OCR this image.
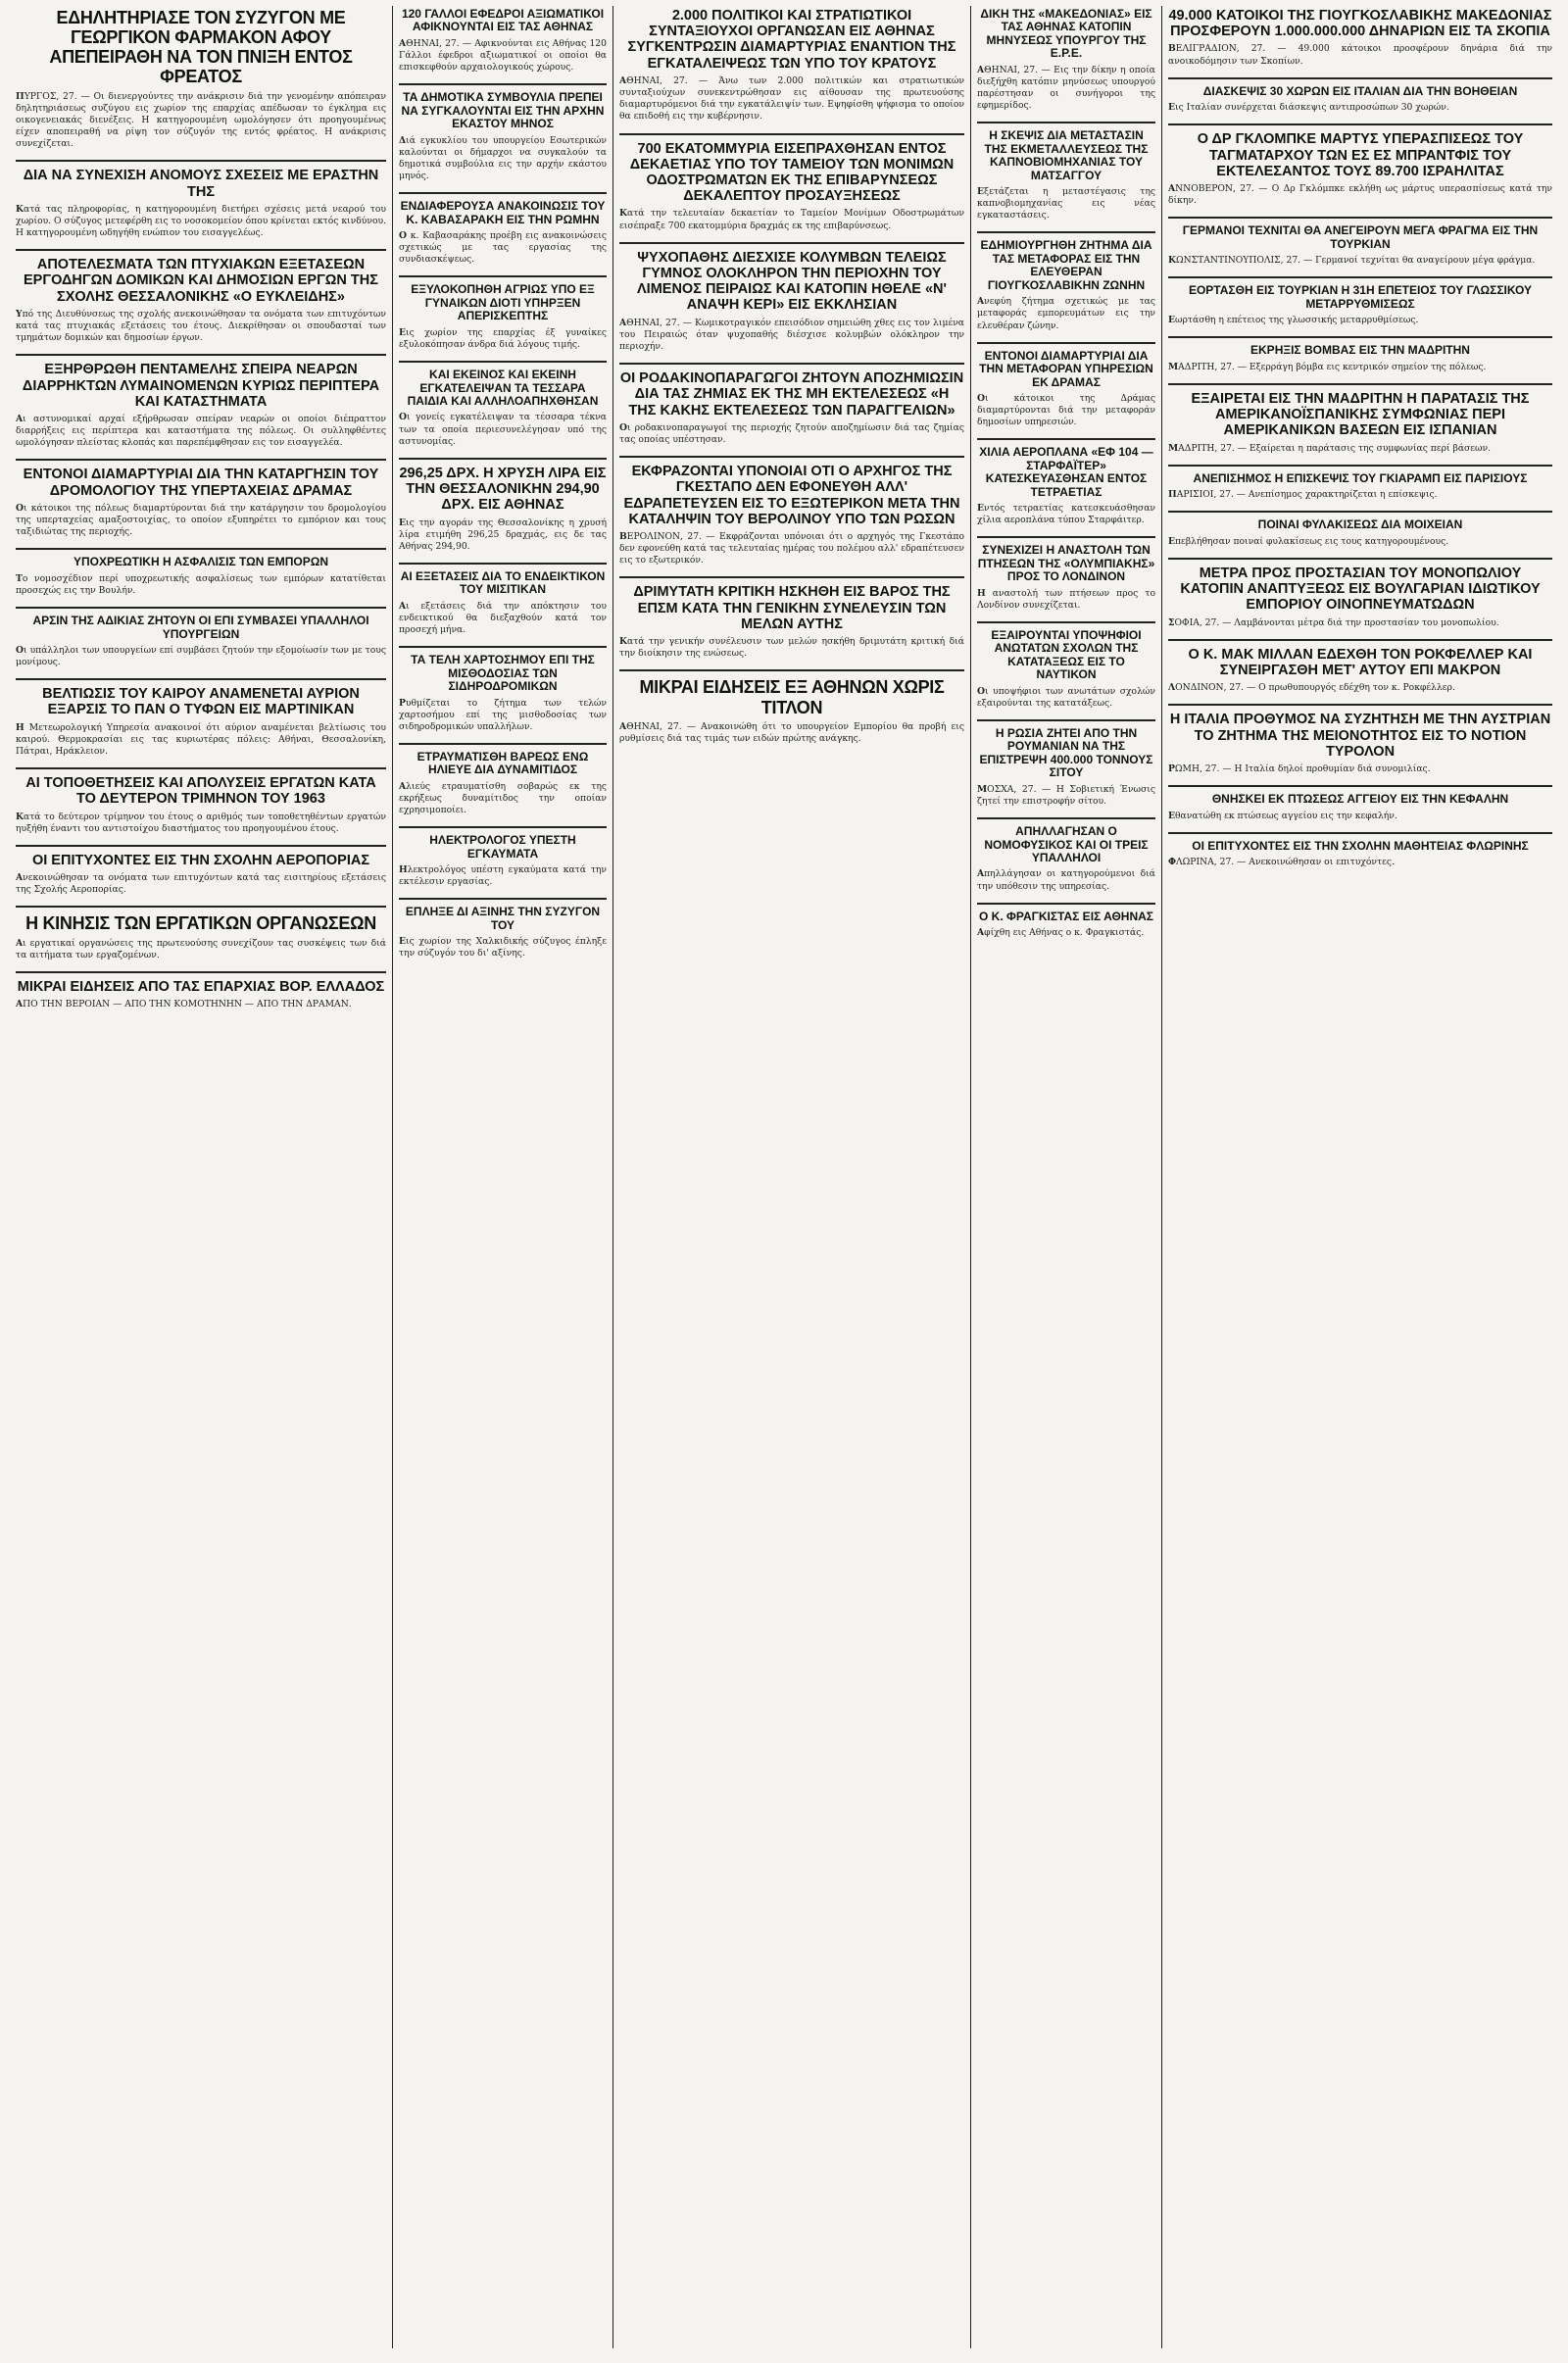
ΕΔΗΛΗΤΗΡΙΑΣΕ ΤΟΝ ΣΥΖΥΓΟΝ ΜΕ ΓΕΩΡΓΙΚΟΝ ΦΑΡΜΑΚΟΝ ΑΦΟΥ ΑΠΕΠΕΙΡΑΘΗ ΝΑ ΤΟΝ ΠΝΙΞΗ ΕΝΤΟΣ ΦΡΕΑΤΟΣ

ΠΥΡΓΟΣ, 27. — Οι διενεργούντες την ανάκρισιν διά την γενομένην απόπειραν δηλητηριάσεως συζύγου εις χωρίον της επαρχίας απέδωσαν το έγκλημα εις οικογενειακάς διενέξεις. Η κατηγορουμένη ωμολόγησεν ότι προηγουμένως είχεν αποπειραθή να ρίψη τον σύζυγόν της εντός φρέατος. Η ανάκρισις συνεχίζεται.

ΔΙΑ ΝΑ ΣΥΝΕΧΙΣΗ ΑΝΟΜΟΥΣ ΣΧΕΣΕΙΣ ΜΕ ΕΡΑΣΤΗΝ ΤΗΣ

Κατά τας πληροφορίας, η κατηγορουμένη διετήρει σχέσεις μετά νεαρού του χωρίου. Ο σύζυγος μετεφέρθη εις το νοσοκομείον όπου κρίνεται εκτός κινδύνου. Η κατηγορουμένη ωδηγήθη ενώπιον του εισαγγελέως.

ΑΠΟΤΕΛΕΣΜΑΤΑ ΤΩΝ ΠΤΥΧΙΑΚΩΝ ΕΞΕΤΑΣΕΩΝ ΕΡΓΟΔΗΓΩΝ ΔΟΜΙΚΩΝ ΚΑΙ ΔΗΜΟΣΙΩΝ ΕΡΓΩΝ ΤΗΣ ΣΧΟΛΗΣ ΘΕΣΣΑΛΟΝΙΚΗΣ «Ο ΕΥΚΛΕΙΔΗΣ»

Υπό της Διευθύνσεως της σχολής ανεκοινώθησαν τα ονόματα των επιτυχόντων κατά τας πτυχιακάς εξετάσεις του έτους. Διεκρίθησαν οι σπουδασταί των τμημάτων δομικών και δημοσίων έργων.

ΕΞΗΡΘΡΩΘΗ ΠΕΝΤΑΜΕΛΗΣ ΣΠΕΙΡΑ ΝΕΑΡΩΝ ΔΙΑΡΡΗΚΤΩΝ ΛΥΜΑΙΝΟΜΕΝΩΝ ΚΥΡΙΩΣ ΠΕΡΙΠΤΕΡΑ ΚΑΙ ΚΑΤΑΣΤΗΜΑΤΑ

Αι αστυνομικαί αρχαί εξήρθρωσαν σπείραν νεαρών οι οποίοι διέπραττον διαρρήξεις εις περίπτερα και καταστήματα της πόλεως. Οι συλληφθέντες ωμολόγησαν πλείστας κλοπάς και παρεπέμφθησαν εις τον εισαγγελέα.

ΕΝΤΟΝΟΙ ΔΙΑΜΑΡΤΥΡΙΑΙ ΔΙΑ ΤΗΝ ΚΑΤΑΡΓΗΣΙΝ ΤΟΥ ΔΡΟΜΟΛΟΓΙΟΥ ΤΗΣ ΥΠΕΡΤΑΧΕΙΑΣ ΔΡΑΜΑΣ

Οι κάτοικοι της πόλεως διαμαρτύρονται διά την κατάργησιν του δρομολογίου της υπερταχείας αμαξοστοιχίας, το οποίον εξυπηρέτει το εμπόριον και τους ταξιδιώτας της περιοχής.

ΥΠΟΧΡΕΩΤΙΚΗ Η ΑΣΦΑΛΙΣΙΣ ΤΩΝ ΕΜΠΟΡΩΝ

Το νομοσχέδιον περί υποχρεωτικής ασφαλίσεως των εμπόρων κατατίθεται προσεχώς εις την Βουλήν.

ΑΡΣΙΝ ΤΗΣ ΑΔΙΚΙΑΣ ΖΗΤΟΥΝ ΟΙ ΕΠΙ ΣΥΜΒΑΣΕΙ ΥΠΑΛΛΗΛΟΙ ΥΠΟΥΡΓΕΙΩΝ

Οι υπάλληλοι των υπουργείων επί συμβάσει ζητούν την εξομοίωσίν των με τους μονίμους.

ΒΕΛΤΙΩΣΙΣ ΤΟΥ ΚΑΙΡΟΥ ΑΝΑΜΕΝΕΤΑΙ ΑΥΡΙΟΝ ΕΞΑΡΣΙΣ ΤΟ ΠΑΝ Ο ΤΥΦΩΝ ΕΙΣ ΜΑΡΤΙΝΙΚΑΝ

Η Μετεωρολογική Υπηρεσία ανακοινοί ότι αύριον αναμένεται βελτίωσις του καιρού. Θερμοκρασίαι εις τας κυριωτέρας πόλεις: Αθήναι, Θεσσαλονίκη, Πάτραι, Ηράκλειον.

ΑΙ ΤΟΠΟΘΕΤΗΣΕΙΣ ΚΑΙ ΑΠΟΛΥΣΕΙΣ ΕΡΓΑΤΩΝ ΚΑΤΑ ΤΟ ΔΕΥΤΕΡΟΝ ΤΡΙΜΗΝΟΝ ΤΟΥ 1963

Κατά το δεύτερον τρίμηνον του έτους ο αριθμός των τοποθετηθέντων εργατών ηυξήθη έναντι του αντιστοίχου διαστήματος του προηγουμένου έτους.

ΟΙ ΕΠΙΤΥΧΟΝΤΕΣ ΕΙΣ ΤΗΝ ΣΧΟΛΗΝ ΑΕΡΟΠΟΡΙΑΣ

Ανεκοινώθησαν τα ονόματα των επιτυχόντων κατά τας εισιτηρίους εξετάσεις της Σχολής Αεροπορίας.

Η ΚΙΝΗΣΙΣ ΤΩΝ ΕΡΓΑΤΙΚΩΝ ΟΡΓΑΝΩΣΕΩΝ

Αι εργατικαί οργανώσεις της πρωτευούσης συνεχίζουν τας συσκέψεις των διά τα αιτήματα των εργαζομένων.

ΜΙΚΡΑΙ ΕΙΔΗΣΕΙΣ ΑΠΟ ΤΑΣ ΕΠΑΡΧΙΑΣ ΒΟΡ. ΕΛΛΑΔΟΣ

ΑΠΟ ΤΗΝ ΒΕΡΟΙΑΝ — ΑΠΟ ΤΗΝ ΚΟΜΟΤΗΝΗΝ — ΑΠΟ ΤΗΝ ΔΡΑΜΑΝ.

120 ΓΑΛΛΟΙ ΕΦΕΔΡΟΙ ΑΞΙΩΜΑΤΙΚΟΙ ΑΦΙΚΝΟΥΝΤΑΙ ΕΙΣ ΤΑΣ ΑΘΗΝΑΣ

ΑΘΗΝΑΙ, 27. — Αφικνούνται εις Αθήνας 120 Γάλλοι έφεδροι αξιωματικοί οι οποίοι θα επισκεφθούν αρχαιολογικούς χώρους.

ΤΑ ΔΗΜΟΤΙΚΑ ΣΥΜΒΟΥΛΙΑ ΠΡΕΠΕΙ ΝΑ ΣΥΓΚΑΛΟΥΝΤΑΙ ΕΙΣ ΤΗΝ ΑΡΧΗΝ ΕΚΑΣΤΟΥ ΜΗΝΟΣ

Διά εγκυκλίου του υπουργείου Εσωτερικών καλούνται οι δήμαρχοι να συγκαλούν τα δημοτικά συμβούλια εις την αρχήν εκάστου μηνός.

ΕΝΔΙΑΦΕΡΟΥΣΑ ΑΝΑΚΟΙΝΩΣΙΣ ΤΟΥ Κ. ΚΑΒΑΣΑΡΑΚΗ ΕΙΣ ΤΗΝ ΡΩΜΗΝ

Ο κ. Καβασαράκης προέβη εις ανακοινώσεις σχετικώς με τας εργασίας της συνδιασκέψεως.

ΕΞΥΛΟΚΟΠΗΘΗ ΑΓΡΙΩΣ ΥΠΟ ΕΞ ΓΥΝΑΙΚΩΝ ΔΙΟΤΙ ΥΠΗΡΞΕΝ ΑΠΕΡΙΣΚΕΠΤΗΣ

Εις χωρίον της επαρχίας έξ γυναίκες εξυλοκόπησαν άνδρα διά λόγους τιμής.

ΚΑΙ ΕΚΕΙΝΟΣ ΚΑΙ ΕΚΕΙΝΗ ΕΓΚΑΤΕΛΕΙΨΑΝ ΤΑ ΤΕΣΣΑΡΑ ΠΑΙΔΙΑ ΚΑΙ ΑΛΛΗΛΟΑΠΗΧΘΗΣΑΝ

Οι γονείς εγκατέλειψαν τα τέσσαρα τέκνα των τα οποία περιεσυνελέγησαν υπό της αστυνομίας.

296,25 ΔΡΧ. Η ΧΡΥΣΗ ΛΙΡΑ ΕΙΣ ΤΗΝ ΘΕΣΣΑΛΟΝΙΚΗΝ 294,90 ΔΡΧ. ΕΙΣ ΑΘΗΝΑΣ

Εις την αγοράν της Θεσσαλονίκης η χρυσή λίρα ετιμήθη 296,25 δραχμάς, εις δε τας Αθήνας 294,90.

ΑΙ ΕΞΕΤΑΣΕΙΣ ΔΙΑ ΤΟ ΕΝΔΕΙΚΤΙΚΟΝ ΤΟΥ ΜΙΣΙΤΙΚΑΝ

Αι εξετάσεις διά την απόκτησιν του ενδεικτικού θα διεξαχθούν κατά τον προσεχή μήνα.

ΤΑ ΤΕΛΗ ΧΑΡΤΟΣΗΜΟΥ ΕΠΙ ΤΗΣ ΜΙΣΘΟΔΟΣΙΑΣ ΤΩΝ ΣΙΔΗΡΟΔΡΟΜΙΚΩΝ

Ρυθμίζεται το ζήτημα των τελών χαρτοσήμου επί της μισθοδοσίας των σιδηροδρομικών υπαλλήλων.

ΕΤΡΑΥΜΑΤΙΣΘΗ ΒΑΡΕΩΣ ΕΝΩ ΗΛΙΕΥΕ ΔΙΑ ΔΥΝΑΜΙΤΙΔΟΣ

Αλιεύς ετραυματίσθη σοβαρώς εκ της εκρήξεως δυναμίτιδος την οποίαν εχρησιμοποίει.

ΗΛΕΚΤΡΟΛΟΓΟΣ ΥΠΕΣΤΗ ΕΓΚΑΥΜΑΤΑ

Ηλεκτρολόγος υπέστη εγκαύματα κατά την εκτέλεσιν εργασίας.

ΕΠΛΗΞΕ ΔΙ ΑΞΙΝΗΣ ΤΗΝ ΣΥΖΥΓΟΝ ΤΟΥ

Εις χωρίον της Χαλκιδικής σύζυγος έπληξε την σύζυγόν του δι' αξίνης.

2.000 ΠΟΛΙΤΙΚΟΙ ΚΑΙ ΣΤΡΑΤΙΩΤΙΚΟΙ ΣΥΝΤΑΞΙΟΥΧΟΙ ΟΡΓΑΝΩΣΑΝ ΕΙΣ ΑΘΗΝΑΣ ΣΥΓΚΕΝΤΡΩΣΙΝ ΔΙΑΜΑΡΤΥΡΙΑΣ ΕΝΑΝΤΙΟΝ ΤΗΣ ΕΓΚΑΤΑΛΕΙΨΕΩΣ ΤΩΝ ΥΠΟ ΤΟΥ ΚΡΑΤΟΥΣ

ΑΘΗΝΑΙ, 27. — Άνω των 2.000 πολιτικών και στρατιωτικών συνταξιούχων συνεκεντρώθησαν εις αίθουσαν της πρωτευούσης διαμαρτυρόμενοι διά την εγκατάλειψίν των. Εψηφίσθη ψήφισμα το οποίον θα επιδοθή εις την κυβέρνησιν.

700 ΕΚΑΤΟΜΜΥΡΙΑ ΕΙΣΕΠΡΑΧΘΗΣΑΝ ΕΝΤΟΣ ΔΕΚΑΕΤΙΑΣ ΥΠΟ ΤΟΥ ΤΑΜΕΙΟΥ ΤΩΝ ΜΟΝΙΜΩΝ ΟΔΟΣΤΡΩΜΑΤΩΝ ΕΚ ΤΗΣ ΕΠΙΒΑΡΥΝΣΕΩΣ ΔΕΚΑΛΕΠΤΟΥ ΠΡΟΣΑΥΞΗΣΕΩΣ

Κατά την τελευταίαν δεκαετίαν το Ταμείον Μονίμων Οδοστρωμάτων εισέπραξε 700 εκατομμύρια δραχμάς εκ της επιβαρύνσεως.

ΨΥΧΟΠΑΘΗΣ ΔΙΕΣΧΙΣΕ ΚΟΛΥΜΒΩΝ ΤΕΛΕΙΩΣ ΓΥΜΝΟΣ ΟΛΟΚΛΗΡΟΝ ΤΗΝ ΠΕΡΙΟΧΗΝ ΤΟΥ ΛΙΜΕΝΟΣ ΠΕΙΡΑΙΩΣ ΚΑΙ ΚΑΤΟΠΙΝ ΗΘΕΛΕ «Ν' ΑΝΑΨΗ ΚΕΡΙ» ΕΙΣ ΕΚΚΛΗΣΙΑΝ

ΑΘΗΝΑΙ, 27. — Κωμικοτραγικόν επεισόδιον σημειώθη χθες εις τον λιμένα του Πειραιώς όταν ψυχοπαθής διέσχισε κολυμβών ολόκληρον την περιοχήν.

ΟΙ ΡΟΔΑΚΙΝΟΠΑΡΑΓΩΓΟΙ ΖΗΤΟΥΝ ΑΠΟΖΗΜΙΩΣΙΝ ΔΙΑ ΤΑΣ ΖΗΜΙΑΣ ΕΚ ΤΗΣ ΜΗ ΕΚΤΕΛΕΣΕΩΣ «Η ΤΗΣ ΚΑΚΗΣ ΕΚΤΕΛΕΣΕΩΣ ΤΩΝ ΠΑΡΑΓΓΕΛΙΩΝ»

Οι ροδακινοπαραγωγοί της περιοχής ζητούν αποζημίωσιν διά τας ζημίας τας οποίας υπέστησαν.

ΕΚΦΡΑΖΟΝΤΑΙ ΥΠΟΝΟΙΑΙ ΟΤΙ Ο ΑΡΧΗΓΟΣ ΤΗΣ ΓΚΕΣΤΑΠΟ ΔΕΝ ΕΦΟΝΕΥΘΗ ΑΛΛ' ΕΔΡΑΠΕΤΕΥΣΕΝ ΕΙΣ ΤΟ ΕΞΩΤΕΡΙΚΟΝ ΜΕΤΑ ΤΗΝ ΚΑΤΑΛΗΨΙΝ ΤΟΥ ΒΕΡΟΛΙΝΟΥ ΥΠΟ ΤΩΝ ΡΩΣΩΝ

ΒΕΡΟΛΙΝΟΝ, 27. — Εκφράζονται υπόνοιαι ότι ο αρχηγός της Γκεστάπο δεν εφονεύθη κατά τας τελευταίας ημέρας του πολέμου αλλ' εδραπέτευσεν εις το εξωτερικόν.

ΔΡΙΜΥΤΑΤΗ ΚΡΙΤΙΚΗ ΗΣΚΗΘΗ ΕΙΣ ΒΑΡΟΣ ΤΗΣ ΕΠΣΜ ΚΑΤΑ ΤΗΝ ΓΕΝΙΚΗΝ ΣΥΝΕΛΕΥΣΙΝ ΤΩΝ ΜΕΛΩΝ ΑΥΤΗΣ

Κατά την γενικήν συνέλευσιν των μελών ησκήθη δριμυτάτη κριτική διά την διοίκησιν της ενώσεως.

ΜΙΚΡΑΙ ΕΙΔΗΣΕΙΣ ΕΞ ΑΘΗΝΩΝ ΧΩΡΙΣ ΤΙΤΛΟΝ

ΑΘΗΝΑΙ, 27. — Ανακοινώθη ότι το υπουργείον Εμπορίου θα προβή εις ρυθμίσεις διά τας τιμάς των ειδών πρώτης ανάγκης.

ΔΙΚΗ ΤΗΣ «ΜΑΚΕΔΟΝΙΑΣ» ΕΙΣ ΤΑΣ ΑΘΗΝΑΣ ΚΑΤΟΠΙΝ ΜΗΝΥΣΕΩΣ ΥΠΟΥΡΓΟΥ ΤΗΣ Ε.Ρ.Ε.

ΑΘΗΝΑΙ, 27. — Εις την δίκην η οποία διεξήχθη κατόπιν μηνύσεως υπουργού παρέστησαν οι συνήγοροι της εφημερίδος.

Η ΣΚΕΨΙΣ ΔΙΑ ΜΕΤΑΣΤΑΣΙΝ ΤΗΣ ΕΚΜΕΤΑΛΛΕΥΣΕΩΣ ΤΗΣ ΚΑΠΝΟΒΙΟΜΗΧΑΝΙΑΣ ΤΟΥ ΜΑΤΣΑΓΓΟΥ

Εξετάζεται η μεταστέγασις της καπνοβιομηχανίας εις νέας εγκαταστάσεις.

ΕΔΗΜΙΟΥΡΓΗΘΗ ΖΗΤΗΜΑ ΔΙΑ ΤΑΣ ΜΕΤΑΦΟΡΑΣ ΕΙΣ ΤΗΝ ΕΛΕΥΘΕΡΑΝ ΓΙΟΥΓΚΟΣΛΑΒΙΚΗΝ ΖΩΝΗΝ

Ανεφύη ζήτημα σχετικώς με τας μεταφοράς εμπορευμάτων εις την ελευθέραν ζώνην.

ΕΝΤΟΝΟΙ ΔΙΑΜΑΡΤΥΡΙΑΙ ΔΙΑ ΤΗΝ ΜΕΤΑΦΟΡΑΝ ΥΠΗΡΕΣΙΩΝ ΕΚ ΔΡΑΜΑΣ

Οι κάτοικοι της Δράμας διαμαρτύρονται διά την μεταφοράν δημοσίων υπηρεσιών.

ΧΙΛΙΑ ΑΕΡΟΠΛΑΝΑ «ΕΦ 104 — ΣΤΑΡΦΑΪΤΕΡ» ΚΑΤΕΣΚΕΥΑΣΘΗΣΑΝ ΕΝΤΟΣ ΤΕΤΡΑΕΤΙΑΣ

Εντός τετραετίας κατεσκευάσθησαν χίλια αεροπλάνα τύπου Σταρφάιτερ.

ΣΥΝΕΧΙΖΕΙ Η ΑΝΑΣΤΟΛΗ ΤΩΝ ΠΤΗΣΕΩΝ ΤΗΣ «ΟΛΥΜΠΙΑΚΗΣ» ΠΡΟΣ ΤΟ ΛΟΝΔΙΝΟΝ

Η αναστολή των πτήσεων προς το Λονδίνον συνεχίζεται.

ΕΞΑΙΡΟΥΝΤΑΙ ΥΠΟΨΗΦΙΟΙ ΑΝΩΤΑΤΩΝ ΣΧΟΛΩΝ ΤΗΣ ΚΑΤΑΤΑΞΕΩΣ ΕΙΣ ΤΟ ΝΑΥΤΙΚΟΝ

Οι υποψήφιοι των ανωτάτων σχολών εξαιρούνται της κατατάξεως.

Η ΡΩΣΙΑ ΖΗΤΕΙ ΑΠΟ ΤΗΝ ΡΟΥΜΑΝΙΑΝ ΝΑ ΤΗΣ ΕΠΙΣΤΡΕΨΗ 400.000 ΤΟΝΝΟΥΣ ΣΙΤΟΥ

ΜΟΣΧΑ, 27. — Η Σοβιετική Ένωσις ζητεί την επιστροφήν σίτου.

ΑΠΗΛΛΑΓΗΣΑΝ Ο ΝΟΜΟΦΥΣΙΚΟΣ ΚΑΙ ΟΙ ΤΡΕΙΣ ΥΠΑΛΛΗΛΟΙ

Απηλλάγησαν οι κατηγορούμενοι διά την υπόθεσιν της υπηρεσίας.

Ο Κ. ΦΡΑΓΚΙΣΤΑΣ ΕΙΣ ΑΘΗΝΑΣ

Αφίχθη εις Αθήνας ο κ. Φραγκιστάς.

49.000 ΚΑΤΟΙΚΟΙ ΤΗΣ ΓΙΟΥΓΚΟΣΛΑΒΙΚΗΣ ΜΑΚΕΔΟΝΙΑΣ ΠΡΟΣΦΕΡΟΥΝ 1.000.000.000 ΔΗΝΑΡΙΩΝ ΕΙΣ ΤΑ ΣΚΟΠΙΑ

ΒΕΛΙΓΡΑΔΙΟΝ, 27. — 49.000 κάτοικοι προσφέρουν δηνάρια διά την ανοικοδόμησιν των Σκοπίων.

ΔΙΑΣΚΕΨΙΣ 30 ΧΩΡΩΝ ΕΙΣ ΙΤΑΛΙΑΝ ΔΙΑ ΤΗΝ ΒΟΗΘΕΙΑΝ

Εις Ιταλίαν συνέρχεται διάσκεψις αντιπροσώπων 30 χωρών.

Ο ΔΡ ΓΚΛΟΜΠΚΕ ΜΑΡΤΥΣ ΥΠΕΡΑΣΠΙΣΕΩΣ ΤΟΥ ΤΑΓΜΑΤΑΡΧΟΥ ΤΩΝ ΕΣ ΕΣ ΜΠΡΑΝΤΦΙΣ ΤΟΥ ΕΚΤΕΛΕΣΑΝΤΟΣ ΤΟΥΣ 89.700 ΙΣΡΑΗΛΙΤΑΣ

ΑΝΝΟΒΕΡΟΝ, 27. — Ο Δρ Γκλόμπκε εκλήθη ως μάρτυς υπερασπίσεως κατά την δίκην.

ΓΕΡΜΑΝΟΙ ΤΕΧΝΙΤΑΙ ΘΑ ΑΝΕΓΕΙΡΟΥΝ ΜΕΓΑ ΦΡΑΓΜΑ ΕΙΣ ΤΗΝ ΤΟΥΡΚΙΑΝ

ΚΩΝΣΤΑΝΤΙΝΟΥΠΟΛΙΣ, 27. — Γερμανοί τεχνίται θα αναγείρουν μέγα φράγμα.

ΕΟΡΤΑΣΘΗ ΕΙΣ ΤΟΥΡΚΙΑΝ Η 31Η ΕΠΕΤΕΙΟΣ ΤΟΥ ΓΛΩΣΣΙΚΟΥ ΜΕΤΑΡΡΥΘΜΙΣΕΩΣ

Εωρτάσθη η επέτειος της γλωσσικής μεταρρυθμίσεως.

ΕΚΡΗΞΙΣ ΒΟΜΒΑΣ ΕΙΣ ΤΗΝ ΜΑΔΡΙΤΗΝ

ΜΑΔΡΙΤΗ, 27. — Εξερράγη βόμβα εις κεντρικόν σημείον της πόλεως.

ΕΞΑΙΡΕΤΑΙ ΕΙΣ ΤΗΝ ΜΑΔΡΙΤΗΝ Η ΠΑΡΑΤΑΣΙΣ ΤΗΣ ΑΜΕΡΙΚΑΝΟΪΣΠΑΝΙΚΗΣ ΣΥΜΦΩΝΙΑΣ ΠΕΡΙ ΑΜΕΡΙΚΑΝΙΚΩΝ ΒΑΣΕΩΝ ΕΙΣ ΙΣΠΑΝΙΑΝ

ΜΑΔΡΙΤΗ, 27. — Εξαίρεται η παράτασις της συμφωνίας περί βάσεων.

ΑΝΕΠΙΣΗΜΟΣ Η ΕΠΙΣΚΕΨΙΣ ΤΟΥ ΓΚΙΑΡΑΜΠ ΕΙΣ ΠΑΡΙΣΙΟΥΣ

ΠΑΡΙΣΙΟΙ, 27. — Ανεπίσημος χαρακτηρίζεται η επίσκεψις.

ΠΟΙΝΑΙ ΦΥΛΑΚΙΣΕΩΣ ΔΙΑ ΜΟΙΧΕΙΑΝ

Επεβλήθησαν ποιναί φυλακίσεως εις τους κατηγορουμένους.

ΜΕΤΡΑ ΠΡΟΣ ΠΡΟΣΤΑΣΙΑΝ ΤΟΥ ΜΟΝΟΠΩΛΙΟΥ ΚΑΤΟΠΙΝ ΑΝΑΠΤΥΞΕΩΣ ΕΙΣ ΒΟΥΛΓΑΡΙΑΝ ΙΔΙΩΤΙΚΟΥ ΕΜΠΟΡΙΟΥ ΟΙΝΟΠΝΕΥΜΑΤΩΔΩΝ

ΣΟΦΙΑ, 27. — Λαμβάνονται μέτρα διά την προστασίαν του μονοπωλίου.

Ο Κ. ΜΑΚ ΜΙΛΛΑΝ ΕΔΕΧΘΗ ΤΟΝ ΡΟΚΦΕΛΛΕΡ ΚΑΙ ΣΥΝΕΙΡΓΑΣΘΗ ΜΕΤ' ΑΥΤΟΥ ΕΠΙ ΜΑΚΡΟΝ

ΛΟΝΔΙΝΟΝ, 27. — Ο πρωθυπουργός εδέχθη τον κ. Ροκφέλλερ.

Η ΙΤΑΛΙΑ ΠΡΟΘΥΜΟΣ ΝΑ ΣΥΖΗΤΗΣΗ ΜΕ ΤΗΝ ΑΥΣΤΡΙΑΝ ΤΟ ΖΗΤΗΜΑ ΤΗΣ ΜΕΙΟΝΟΤΗΤΟΣ ΕΙΣ ΤΟ ΝΟΤΙΟΝ ΤΥΡΟΛΟΝ

ΡΩΜΗ, 27. — Η Ιταλία δηλοί προθυμίαν διά συνομιλίας.

ΘΝΗΣΚΕΙ ΕΚ ΠΤΩΣΕΩΣ ΑΓΓΕΙΟΥ ΕΙΣ ΤΗΝ ΚΕΦΑΛΗΝ

Εθανατώθη εκ πτώσεως αγγείου εις την κεφαλήν.

ΟΙ ΕΠΙΤΥΧΟΝΤΕΣ ΕΙΣ ΤΗΝ ΣΧΟΛΗΝ ΜΑΘΗΤΕΙΑΣ ΦΛΩΡΙΝΗΣ

ΦΛΩΡΙΝΑ, 27. — Ανεκοινώθησαν οι επιτυχόντες.
